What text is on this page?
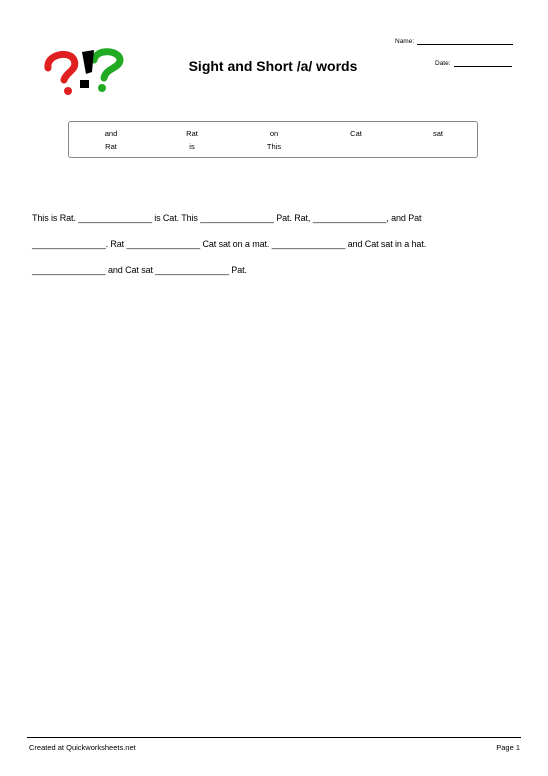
Sight and Short /a/ words
Name:
Date:
and	Rat	on	Cat	sat
Rat	is	This

This is Rat. _______________ is Cat. This _______________ Pat. Rat, _______________, and Pat

_______________. Rat _______________ Cat sat on a mat. _______________ and Cat sat in a hat.

_______________ and Cat sat _______________ Pat.

Created at Quickworksheets.net	Page 1
